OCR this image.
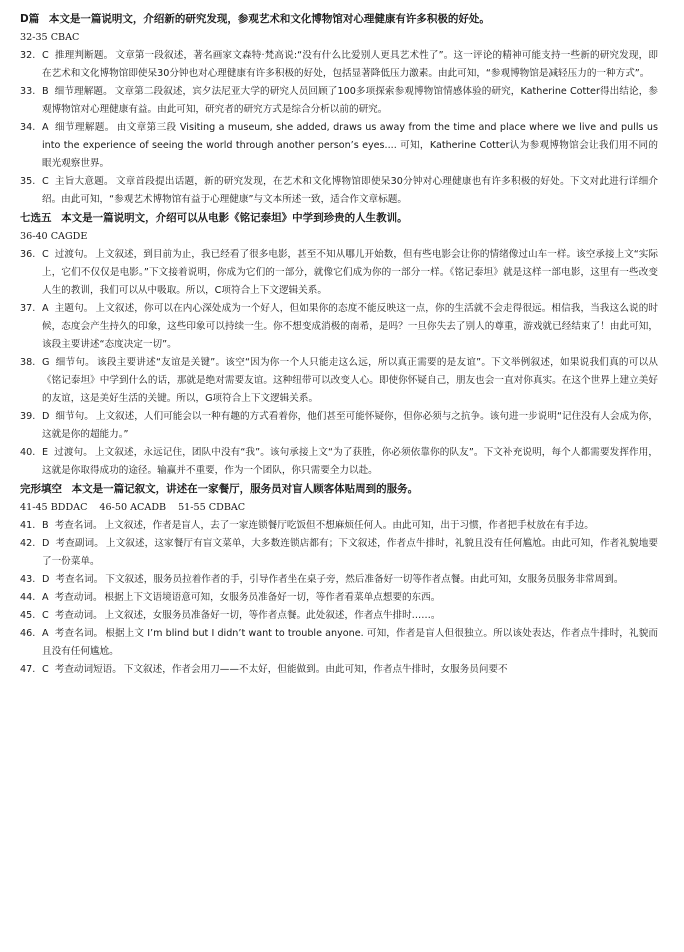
D篇 本文是一篇说明文，介绍新的研究发现，参观艺术和文化博物馆对心理健康有许多积极的好处。
32-35 CBAC
32. C 推理判断题。 文章第一段叙述，著名画家文森特·梵高说:“没有什么比爱别人更具艺术性了”。这一评论的精神可能支持一些新的研究发现，即在艺术和文化博物馆即使呆30分钟也对心理健康有许多积极的好处，包括显著降低压力激素。由此可知，“参观博物馆是减轻压力的一种方式”。
33. B 细节理解题。 文章第二段叙述，宾夕法尼亚大学的研究人员回顾了100多项探索参观博物馆情感体验的研究，Katherine Cotter得出结论，参观博物馆对心理健康有益。由此可知，研究者的研究方式是综合分析以前的研究。
34. A 细节理解题。 由文章第三段 Visiting a museum, she added, draws us away from the time and place where we live and pulls us into the experience of seeing the world through another person’s eyes.... 可知，Katherine Cotter认为参观博物馆会让我们用不同的眼光观察世界。
35. C 主旨大意题。 文章首段提出话题，新的研究发现，在艺术和文化博物馆即使呆30分钟对心理健康也有许多积极的好处。下文对此进行详细介绍。由此可知，“参观艺术博物馆有益于心理健康”与文本所述一致，适合作文章标题。
七选五 本文是一篇说明文，介绍可以从电影《铭记泰坦》中学到珍贵的人生教训。
36-40 CAGDE
36. C 过渡句。 上文叙述，到目前为止，我已经看了很多电影，甚至不知从哪儿开始数，但有些电影会让你的情绪像过山车一样。该空承接上文“实际上，它们不仅仅是电影。”下文接着说明，你成为它们的一部分，就像它们成为你的一部分一样。《铭记泰坦》就是这样一部电影，这里有一些改变人生的教训，我们可以从中吸取。所以，C项符合上下文逻辑关系。
37. A 主题句。 上文叙述，你可以在内心深处成为一个好人，但如果你的态度不能反映这一点，你的生活就不会走得很远。相信我，当我这么说的时候，态度会产生持久的印象，这些印象可以持续一生。你不想变成消极的南希，是吗？一旦你失去了别人的尊重，游戏就已经结束了！由此可知，该段主要讲述“态度决定一切”。
38. G 细节句。 该段主要讲述“友谊是关键”。该空“因为你一个人只能走这么远，所以真正需要的是友谊”。下文举例叙述，如果说我们真的可以从《铭记泰坦》中学到什么的话，那就是绝对需要友谊。这种纽带可以改变人心。即使你怀疑自己，朋友也会一直对你真实。在这个世界上建立美好的友谊，这是美好生活的关键。所以，G项符合上下文逻辑关系。
39. D 细节句。 上文叙述，人们可能会以一种有趣的方式看着你，他们甚至可能怀疑你，但你必须与之抗争。该句进一步说明“记住没有人会成为你，这就是你的超能力。”
40. E 过渡句。 上文叙述，永远记住，团队中没有“我”。该句承接上文“为了获胜，你必须依靠你的队友”。下文补充说明，每个人都需要发挥作用，这就是你取得成功的途径。输赢并不重要，作为一个团队，你只需要全力以赴。
完形填空 本文是一篇记叙文，讲述在一家餐厅，服务员对盲人顾客体贴周到的服务。
41-45 BDDAC 46-50 ACADB 51-55 CDBAC
41. B 考查名词。 上文叙述，作者是盲人，去了一家连锁餐厅吃饭但不想麻烦任何人。由此可知，出于习惯，作者把手杖放在有手边。
42. D 考查副词。 上文叙述，这家餐厅有盲文菜单，大多数连锁店都有；下文叙述，作者点牛排时，礼貌且没有任何尴尬。由此可知，作者礼貌地要了一份菜单。
43. D 考查名词。 下文叙述，服务员拉着作者的手，引导作者坐在桌子旁，然后准备好一切等作者点餐。由此可知，女服务员服务非常周到。
44. A 考查动词。 根据上下文语境语意可知，女服务员准备好一切，等作者看菜单点想要的东西。
45. C 考查动词。 上文叙述，女服务员准备好一切，等作者点餐。此处叙述，作者点牛排时……。
46. A 考查名词。 根据上文 I’m blind but I didn’t want to trouble anyone. 可知，作者是盲人但很独立。所以该处表达，作者点牛排时，礼貌而且没有任何尴尬。
47. C 考查动词短语。 下文叙述，作者会用刀——不太好，但能做到。由此可知，作者点牛排时，女服务员问要不
